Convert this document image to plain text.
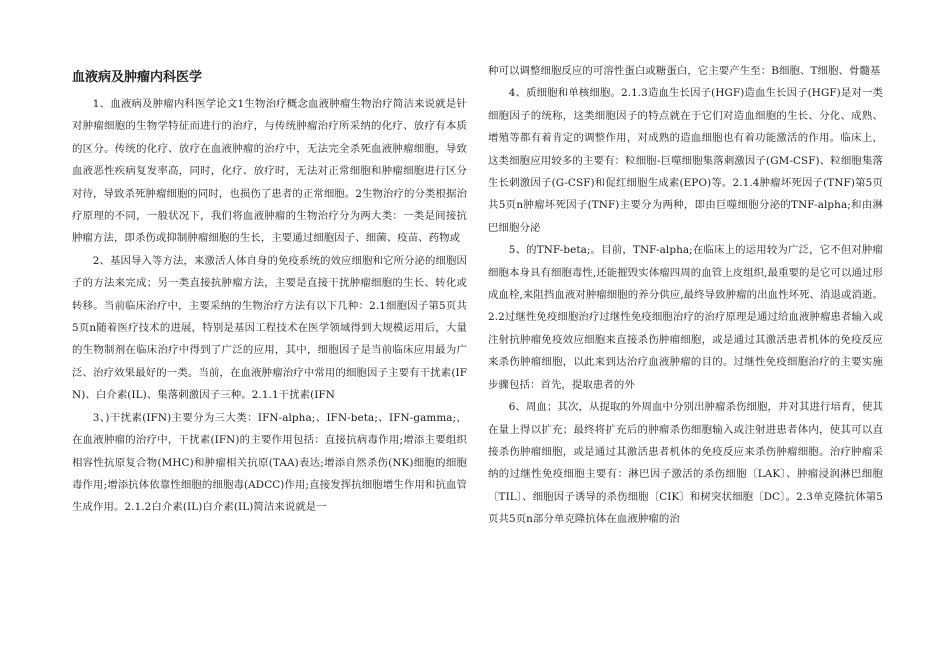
血液病及肿瘤内科医学

1、血液病及肿瘤内科医学论文1生物治疗概念血液肿瘤生物治疗简洁来说就是针对肿瘤细胞的生物学特征而进行的治疗，与传统肿瘤治疗所采纳的化疗、放疗有本质的区分。传统的化疗、放疗在血液肿瘤的治疗中，无法完全杀死血液肿瘤细胞，导致血液恶性疾病复发率高，同时，化疗、放疗时，无法对正常细胞和肿瘤细胞进行区分对待，导致杀死肿瘤细胞的同时，也损伤了患者的正常细胞。2生物治疗的分类根据治疗原理的不同，一般状况下，我们将血液肿瘤的生物治疗分为两大类：一类是间接抗肿瘤方法，即杀伤或抑制肿瘤细胞的生长，主要通过细胞因子、细菌、疫苗、药物或

2、基因导入等方法，来激活人体自身的免疫系统的效应细胞和它所分泌的细胞因子的方法来完成；另一类直接抗肿瘤方法，主要是直接干扰肿瘤细胞的生长、转化或转移。当前临床治疗中，主要采纳的生物治疗方法有以下几种：2.1细胞因子第5页共5页n随着医疗技术的进展，特别是基因工程技术在医学领域得到大规模运用后，大量的生物制剂在临床治疗中得到了广泛的应用，其中，细胞因子是当前临床应用最为广泛、治疗效果最好的一类。当前，在血液肿瘤治疗中常用的细胞因子主要有干扰素(IFN)、白介素(IL)、集落刺激因子三种。2.1.1干扰素(IFN

3、)干扰素(IFN)主要分为三大类：IFN-alpha;、IFN-beta;、IFN-gamma;，在血液肿瘤的治疗中，干扰素(IFN)的主要作用包括：直接抗病毒作用;增添主要组织相容性抗原复合物(MHC)和肿瘤相关抗原(TAA)表达;增添自然杀伤(NK)细胞的细胞毒作用;增添抗体依靠性细胞的细胞毒(ADCC)作用;直接发挥抗细胞增生作用和抗血管生成作用。2.1.2白介素(IL)白介素(IL)简洁来说就是一

种可以调整细胞反应的可溶性蛋白或糖蛋白，它主要产生至：B细胞、T细胞、骨髓基

4、质细胞和单核细胞。2.1.3造血生长因子(HGF)造血生长因子(HGF)是对一类细胞因子的统称，这类细胞因子的特点就在于它们对造血细胞的生长、分化、成熟、增殖等都有着肯定的调整作用，对成熟的造血细胞也有着功能激活的作用。临床上，这类细胞应用较多的主要有：粒细胞-巨噬细胞集落刺激因子(GM-CSF)、粒细胞集落生长刺激因子(G-CSF)和促红细胞生成素(EPO)等。2.1.4肿瘤坏死因子(TNF)第5页共5页n肿瘤坏死因子(TNF)主要分为两种，即由巨噬细胞分泌的TNF-alpha;和由淋巴细胞分泌

5、的TNF-beta;。目前，TNF-alpha;在临床上的运用较为广泛，它不但对肿瘤细胞本身具有细胞毒性,还能摧毁实体瘤四周的血管上皮组织,最重要的是它可以通过形成血栓,来阻挡血液对肿瘤细胞的养分供应,最终导致肿瘤的出血性坏死、消退或消逝。2.2过继性免疫细胞治疗过继性免疫细胞治疗的治疗原理是通过给血液肿瘤患者输入或注射抗肿瘤免疫效应细胞来直接杀伤肿瘤细胞，或是通过其激活患者机体的免疫反应来杀伤肿瘤细胞，以此来到达治疗血液肿瘤的目的。过继性免疫细胞治疗的主要实施步骤包括：首先，提取患者的外

6、周血；其次，从提取的外周血中分别出肿瘤杀伤细胞，并对其进行培育，使其在量上得以扩充；最终将扩充后的肿瘤杀伤细胞输入或注射进患者体内，使其可以直接杀伤肿瘤细胞，或是通过其激活患者机体的免疫反应来杀伤肿瘤细胞。治疗肿瘤采纳的过继性免疫细胞主要有：淋巴因子激活的杀伤细胞〔LAK〕、肿瘤浸润淋巴细胞〔TIL〕、细胞因子诱导的杀伤细胞〔CIK〕和树突状细胞〔DC〕。2.3单克隆抗体第5页共5页n部分单克隆抗体在血液肿瘤的治
